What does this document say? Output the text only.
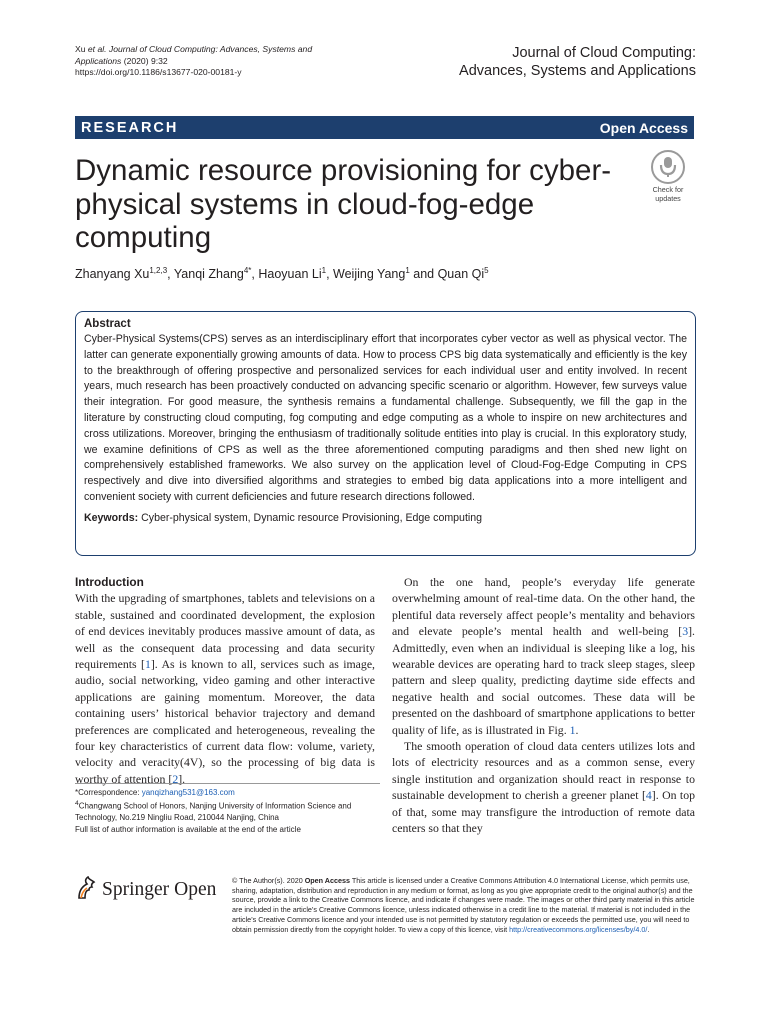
Xu et al. Journal of Cloud Computing: Advances, Systems and Applications (2020) 9:32
https://doi.org/10.1186/s13677-020-00181-y
Journal of Cloud Computing:
Advances, Systems and Applications
RESEARCH	Open Access
Dynamic resource provisioning for cyber-physical systems in cloud-fog-edge computing
Check for
updates
Zhanyang Xu$^{1,2,3}$, Yanqi Zhang$^{4*}$, Haoyuan Li$^1$, Weijing Yang$^1$ and Quan Qi$^5$
Abstract
Cyber-Physical Systems(CPS) serves as an interdisciplinary effort that incorporates cyber vector as well as physical vector. The latter can generate exponentially growing amounts of data. How to process CPS big data systematically and efficiently is the key to the breakthrough of offering prospective and personalized services for each individual user and entity involved. In recent years, much research has been proactively conducted on advancing specific scenario or algorithm. However, few surveys value their integration. For good measure, the synthesis remains a fundamental challenge. Subsequently, we fill the gap in the literature by constructing cloud computing, fog computing and edge computing as a whole to inspire on new architectures and cross utilizations. Moreover, bringing the enthusiasm of traditionally solitude entities into play is crucial. In this exploratory study, we examine definitions of CPS as well as the three aforementioned computing paradigms and then shed new light on comprehensively established frameworks. We also survey on the application level of Cloud-Fog-Edge Computing in CPS respectively and dive into diversified algorithms and strategies to embed big data applications into a more intelligent and convenient society with current deficiencies and future research directions followed.
Keywords: Cyber-physical system, Dynamic resource Provisioning, Edge computing
Introduction

With the upgrading of smartphones, tablets and televisions on a stable, sustained and coordinated development, the explosion of end devices inevitably produces massive amount of data, as well as the consequent data processing and data security requirements [1]. As is known to all, services such as image, audio, social networking, video gaming and other interactive applications are gaining momentum. Moreover, the data containing users’ historical behavior trajectory and demand preferences are complicated and heterogeneous, revealing the four key characteristics of current data flow: volume, variety, velocity and veracity(4V), so the processing of big data is worthy of attention [2].

On the one hand, people’s everyday life generate overwhelming amount of real-time data. On the other hand, the plentiful data reversely affect people’s mentality and behaviors and elevate people’s mental health and well-being [3]. Admittedly, even when an individual is sleeping like a log, his wearable devices are operating hard to track sleep stages, sleep pattern and sleep quality, predicting daytime side effects and negative health and social outcomes. These data will be presented on the dashboard of smartphone applications to better quality of life, as is illustrated in Fig. 1.

The smooth operation of cloud data centers utilizes lots and lots of electricity resources and as a common sense, every single institution and organization should react in response to sustainable development to cherish a greener planet [4]. On top of that, some may transfigure the introduction of remote data centers so that they

*Correspondence: yanqizhang531@163.com
$^4$Changwang School of Honors, Nanjing University of Information Science and Technology, No.219 Ningliu Road, 210044 Nanjing, China
Full list of author information is available at the end of the article
Springer Open © The Author(s). 2020 Open Access This article is licensed under a Creative Commons Attribution 4.0 International License, which permits use, sharing, adaptation, distribution and reproduction in any medium or format, as long as you give appropriate credit to the original author(s) and the source, provide a link to the Creative Commons licence, and indicate if changes were made. The images or other third party material in this article are included in the article’s Creative Commons licence, unless indicated otherwise in a credit line to the material. If material is not included in the article’s Creative Commons licence and your intended use is not permitted by statutory regulation or exceeds the permitted use, you will need to obtain permission directly from the copyright holder. To view a copy of this licence, visit http://creativecommons.org/licenses/by/4.0/.
